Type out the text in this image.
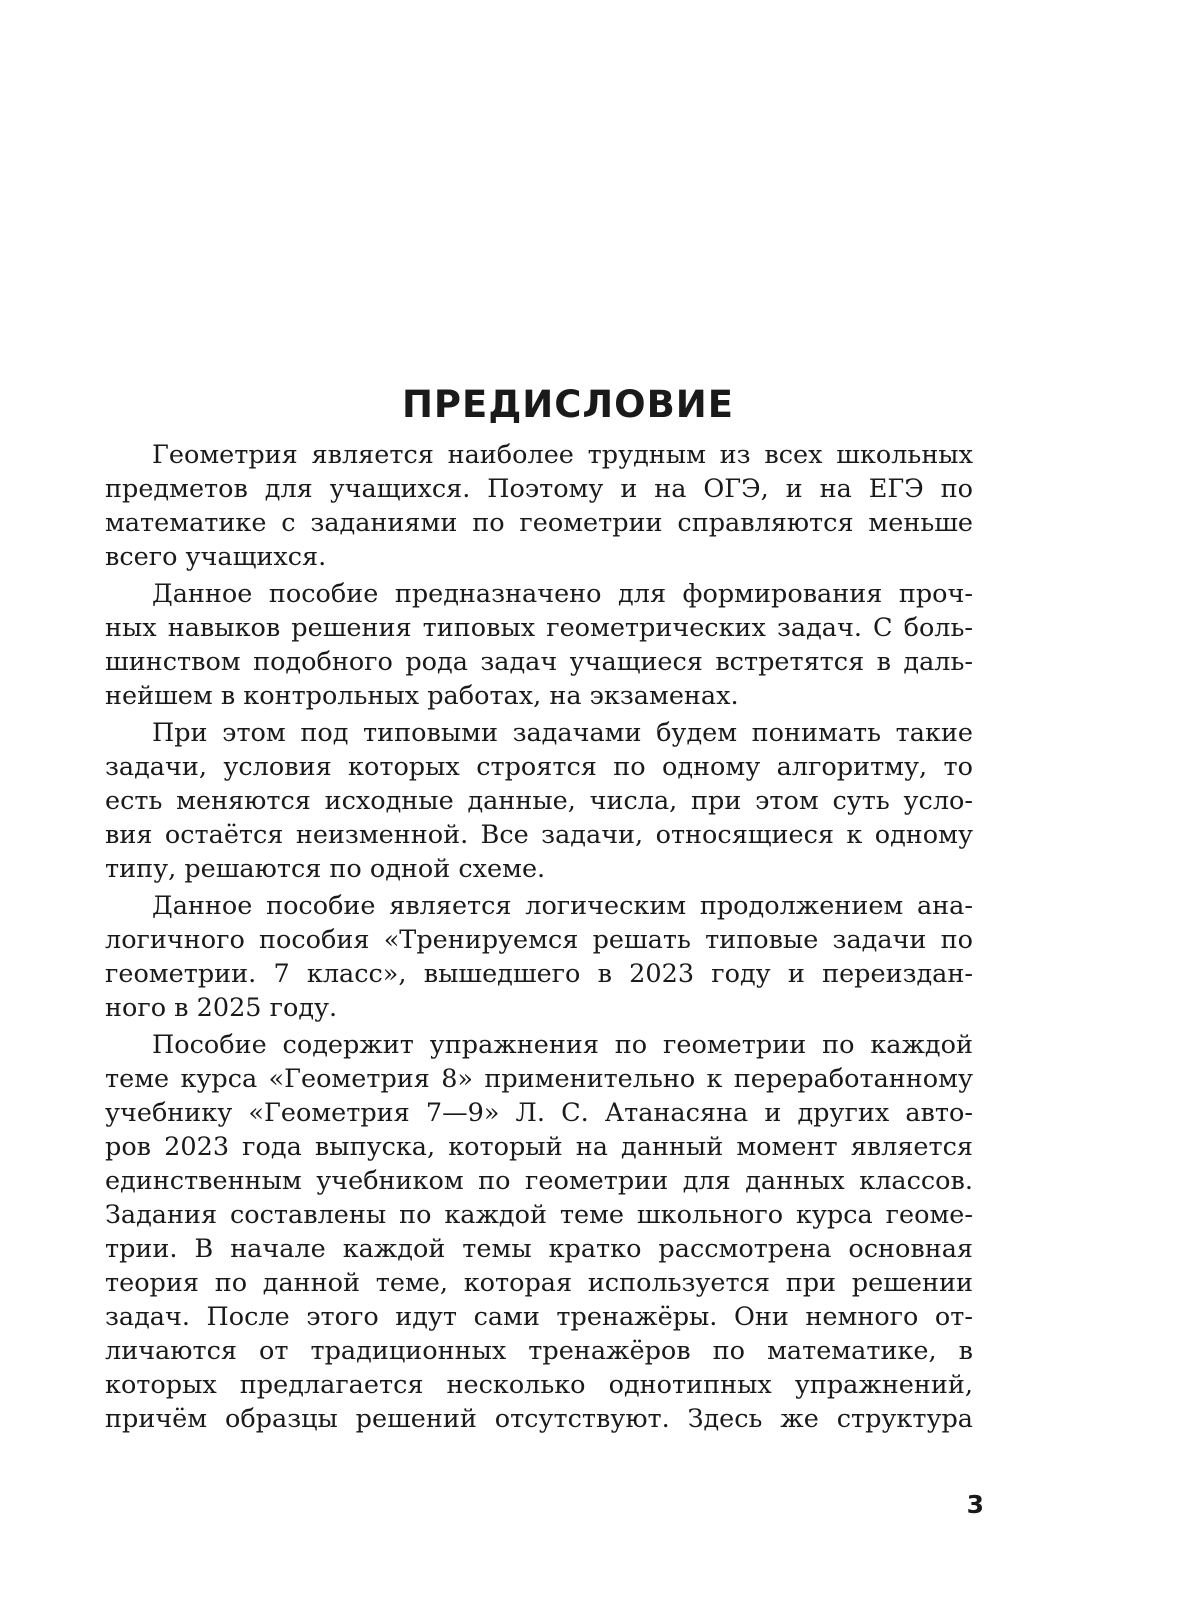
ПРЕДИСЛОВИЕ

Геометрия является наиболее трудным из всех школьных
предметов для учащихся. Поэтому и на ОГЭ, и на ЕГЭ по
математике с заданиями по геометрии справляются меньше
всего учащихся.

Данное пособие предназначено для формирования проч-
ных навыков решения типовых геометрических задач. С боль-
шинством подобного рода задач учащиеся встретятся в даль-
нейшем в контрольных работах, на экзаменах.

При этом под типовыми задачами будем понимать такие
задачи, условия которых строятся по одному алгоритму, то
есть меняются исходные данные, числа, при этом суть усло-
вия остаётся неизменной. Все задачи, относящиеся к одному
типу, решаются по одной схеме.

Данное пособие является логическим продолжением ана-
логичного пособия «Тренируемся решать типовые задачи по
геометрии. 7 класс», вышедшего в 2023 году и переиздан-
ного в 2025 году.

Пособие содержит упражнения по геометрии по каждой
теме курса «Геометрия 8» применительно к переработанному
учебнику «Геометрия 7—9» Л. С. Атанасяна и других авто-
ров 2023 года выпуска, который на данный момент является
единственным учебником по геометрии для данных классов.
Задания составлены по каждой теме школьного курса геоме-
трии. В начале каждой темы кратко рассмотрена основная
теория по данной теме, которая используется при решении
задач. После этого идут сами тренажёры. Они немного от-
личаются от традиционных тренажёров по математике, в
которых предлагается несколько однотипных упражнений,
причём образцы решений отсутствуют. Здесь же структура

3
